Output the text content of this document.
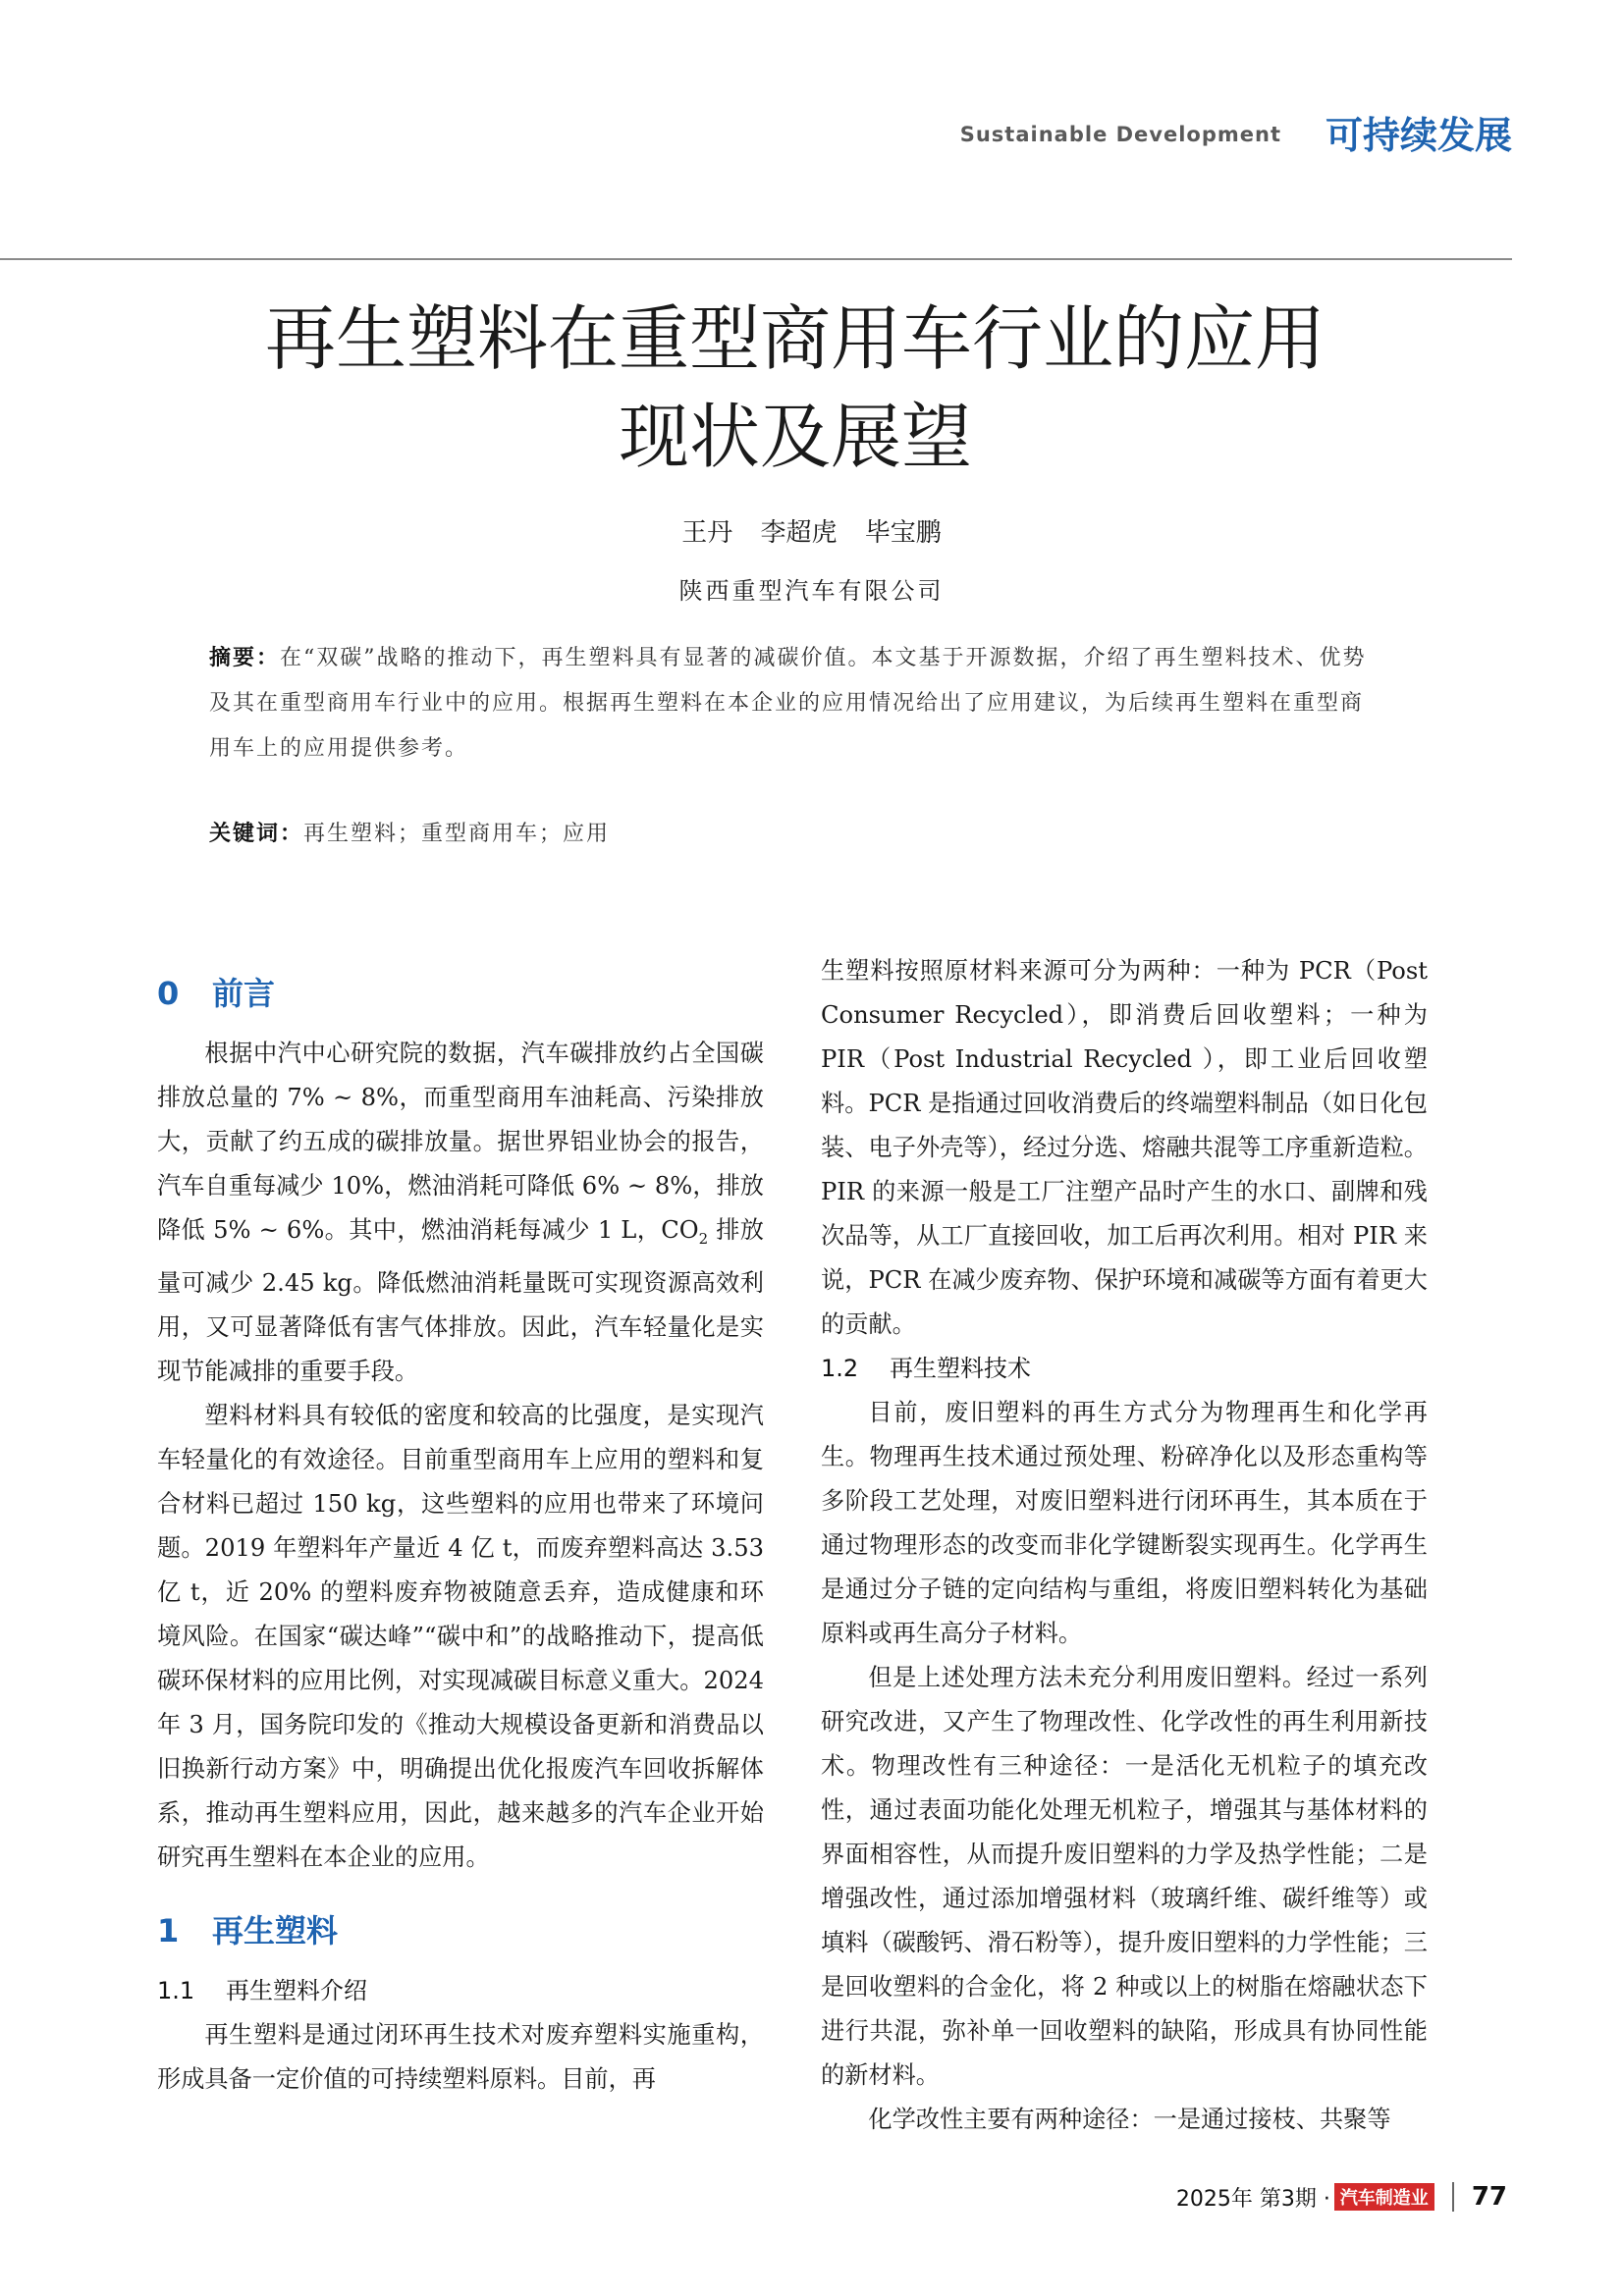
Sustainable Development 可持续发展
再生塑料在重型商用车行业的应用
现状及展望
王丹 李超虎 毕宝鹏
陕西重型汽车有限公司
摘要：在“双碳”战略的推动下，再生塑料具有显著的减碳价值。本文基于开源数据，介绍了再生塑料技术、优势及其在重型商用车行业中的应用。根据再生塑料在本企业的应用情况给出了应用建议，为后续再生塑料在重型商用车上的应用提供参考。
关键词：再生塑料；重型商用车；应用
0 前言

根据中汽中心研究院的数据，汽车碳排放约占全国碳排放总量的 7% ~ 8%，而重型商用车油耗高、污染排放大，贡献了约五成的碳排放量。据世界铝业协会的报告，汽车自重每减少 10%，燃油消耗可降低 6% ~ 8%，排放降低 5% ~ 6%。其中，燃油消耗每减少 1 L，$CO_2$ 排放量可减少 2.45 kg。降低燃油消耗量既可实现资源高效利用，又可显著降低有害气体排放。因此，汽车轻量化是实现节能减排的重要手段。

塑料材料具有较低的密度和较高的比强度，是实现汽车轻量化的有效途径。目前重型商用车上应用的塑料和复合材料已超过 150 kg，这些塑料的应用也带来了环境问题。2019 年塑料年产量近 4 亿 t，而废弃塑料高达 3.53 亿 t，近 20% 的塑料废弃物被随意丢弃，造成健康和环境风险。在国家“碳达峰”“碳中和”的战略推动下，提高低碳环保材料的应用比例，对实现减碳目标意义重大。2024 年 3 月，国务院印发的《推动大规模设备更新和消费品以旧换新行动方案》中，明确提出优化报废汽车回收拆解体系，推动再生塑料应用，因此，越来越多的汽车企业开始研究再生塑料在本企业的应用。

1 再生塑料
1.1 再生塑料介绍

再生塑料是通过闭环再生技术对废弃塑料实施重构，形成具备一定价值的可持续塑料原料。目前，再

生塑料按照原材料来源可分为两种：一种为 PCR（Post Consumer Recycled），即消费后回收塑料；一种为 PIR（Post Industrial Recycled ），即工业后回收塑料。PCR 是指通过回收消费后的终端塑料制品（如日化包装、电子外壳等），经过分选、熔融共混等工序重新造粒。PIR 的来源一般是工厂注塑产品时产生的水口、副牌和残次品等，从工厂直接回收，加工后再次利用。相对 PIR 来说，PCR 在减少废弃物、保护环境和减碳等方面有着更大的贡献。

1.2 再生塑料技术

目前，废旧塑料的再生方式分为物理再生和化学再生。物理再生技术通过预处理、粉碎净化以及形态重构等多阶段工艺处理，对废旧塑料进行闭环再生，其本质在于通过物理形态的改变而非化学键断裂实现再生。化学再生是通过分子链的定向结构与重组，将废旧塑料转化为基础原料或再生高分子材料。

但是上述处理方法未充分利用废旧塑料。经过一系列研究改进，又产生了物理改性、化学改性的再生利用新技术。物理改性有三种途径：一是活化无机粒子的填充改性，通过表面功能化处理无机粒子，增强其与基体材料的界面相容性，从而提升废旧塑料的力学及热学性能；二是增强改性，通过添加增强材料（玻璃纤维、碳纤维等）或填料（碳酸钙、滑石粉等），提升废旧塑料的力学性能；三是回收塑料的合金化，将 2 种或以上的树脂在熔融状态下进行共混，弥补单一回收塑料的缺陷，形成具有协同性能的新材料。

化学改性主要有两种途径：一是通过接枝、共聚等

2025年 第3期 · 汽车制造业 77
